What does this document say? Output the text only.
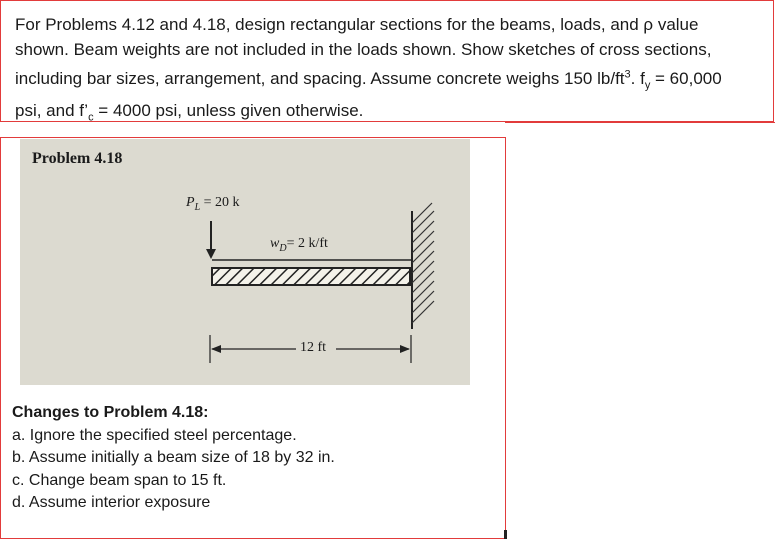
For Problems 4.12 and 4.18, design rectangular sections for the beams, loads, and ρ value
shown. Beam weights are not included in the loads shown. Show sketches of cross sections,
including bar sizes, arrangement, and spacing. Assume concrete weighs 150 $lb/ft^3$. $f_y = 60,000$
psi, and $f’_c = 4000$ psi, unless given otherwise.

Problem 4.18
$P_L = 20$ k
$w_D= 2$ k/ft
12 ft
Changes to Problem 4.18:
a. Ignore the specified steel percentage.
b. Assume initially a beam size of 18 by 32 in.
c. Change beam span to 15 ft.
d. Assume interior exposure
